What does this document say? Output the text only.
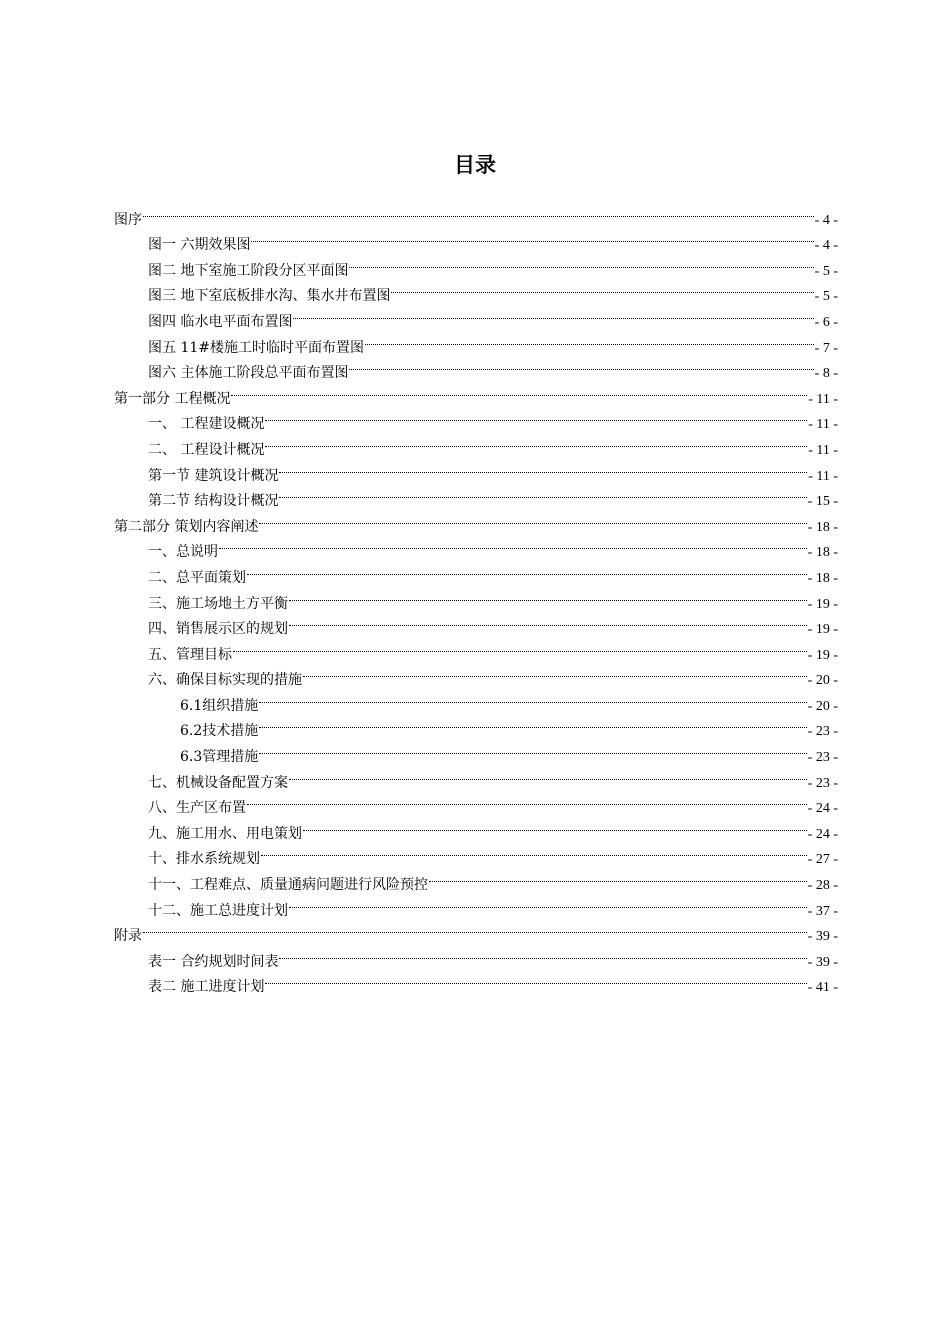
目录
图序	- 4 -
图一 六期效果图	- 4 -
图二 地下室施工阶段分区平面图	- 5 -
图三 地下室底板排水沟、集水井布置图	- 5 -
图四 临水电平面布置图	- 6 -
图五 11#楼施工时临时平面布置图	- 7 -
图六 主体施工阶段总平面布置图	- 8 -
第一部分 工程概况	- 11 -
一、 工程建设概况	- 11 -
二、 工程设计概况	- 11 -
第一节 建筑设计概况	- 11 -
第二节 结构设计概况	- 15 -
第二部分 策划内容阐述	- 18 -
一、总说明	- 18 -
二、总平面策划	- 18 -
三、施工场地土方平衡	- 19 -
四、销售展示区的规划	- 19 -
五、管理目标	- 19 -
六、确保目标实现的措施	- 20 -
6.1组织措施	- 20 -
6.2技术措施	- 23 -
6.3管理措施	- 23 -
七、机械设备配置方案	- 23 -
八、生产区布置	- 24 -
九、施工用水、用电策划	- 24 -
十、排水系统规划	- 27 -
十一、工程难点、质量通病问题进行风险预控	- 28 -
十二、施工总进度计划	- 37 -
附录	- 39 -
表一 合约规划时间表	- 39 -
表二 施工进度计划	- 41 -
